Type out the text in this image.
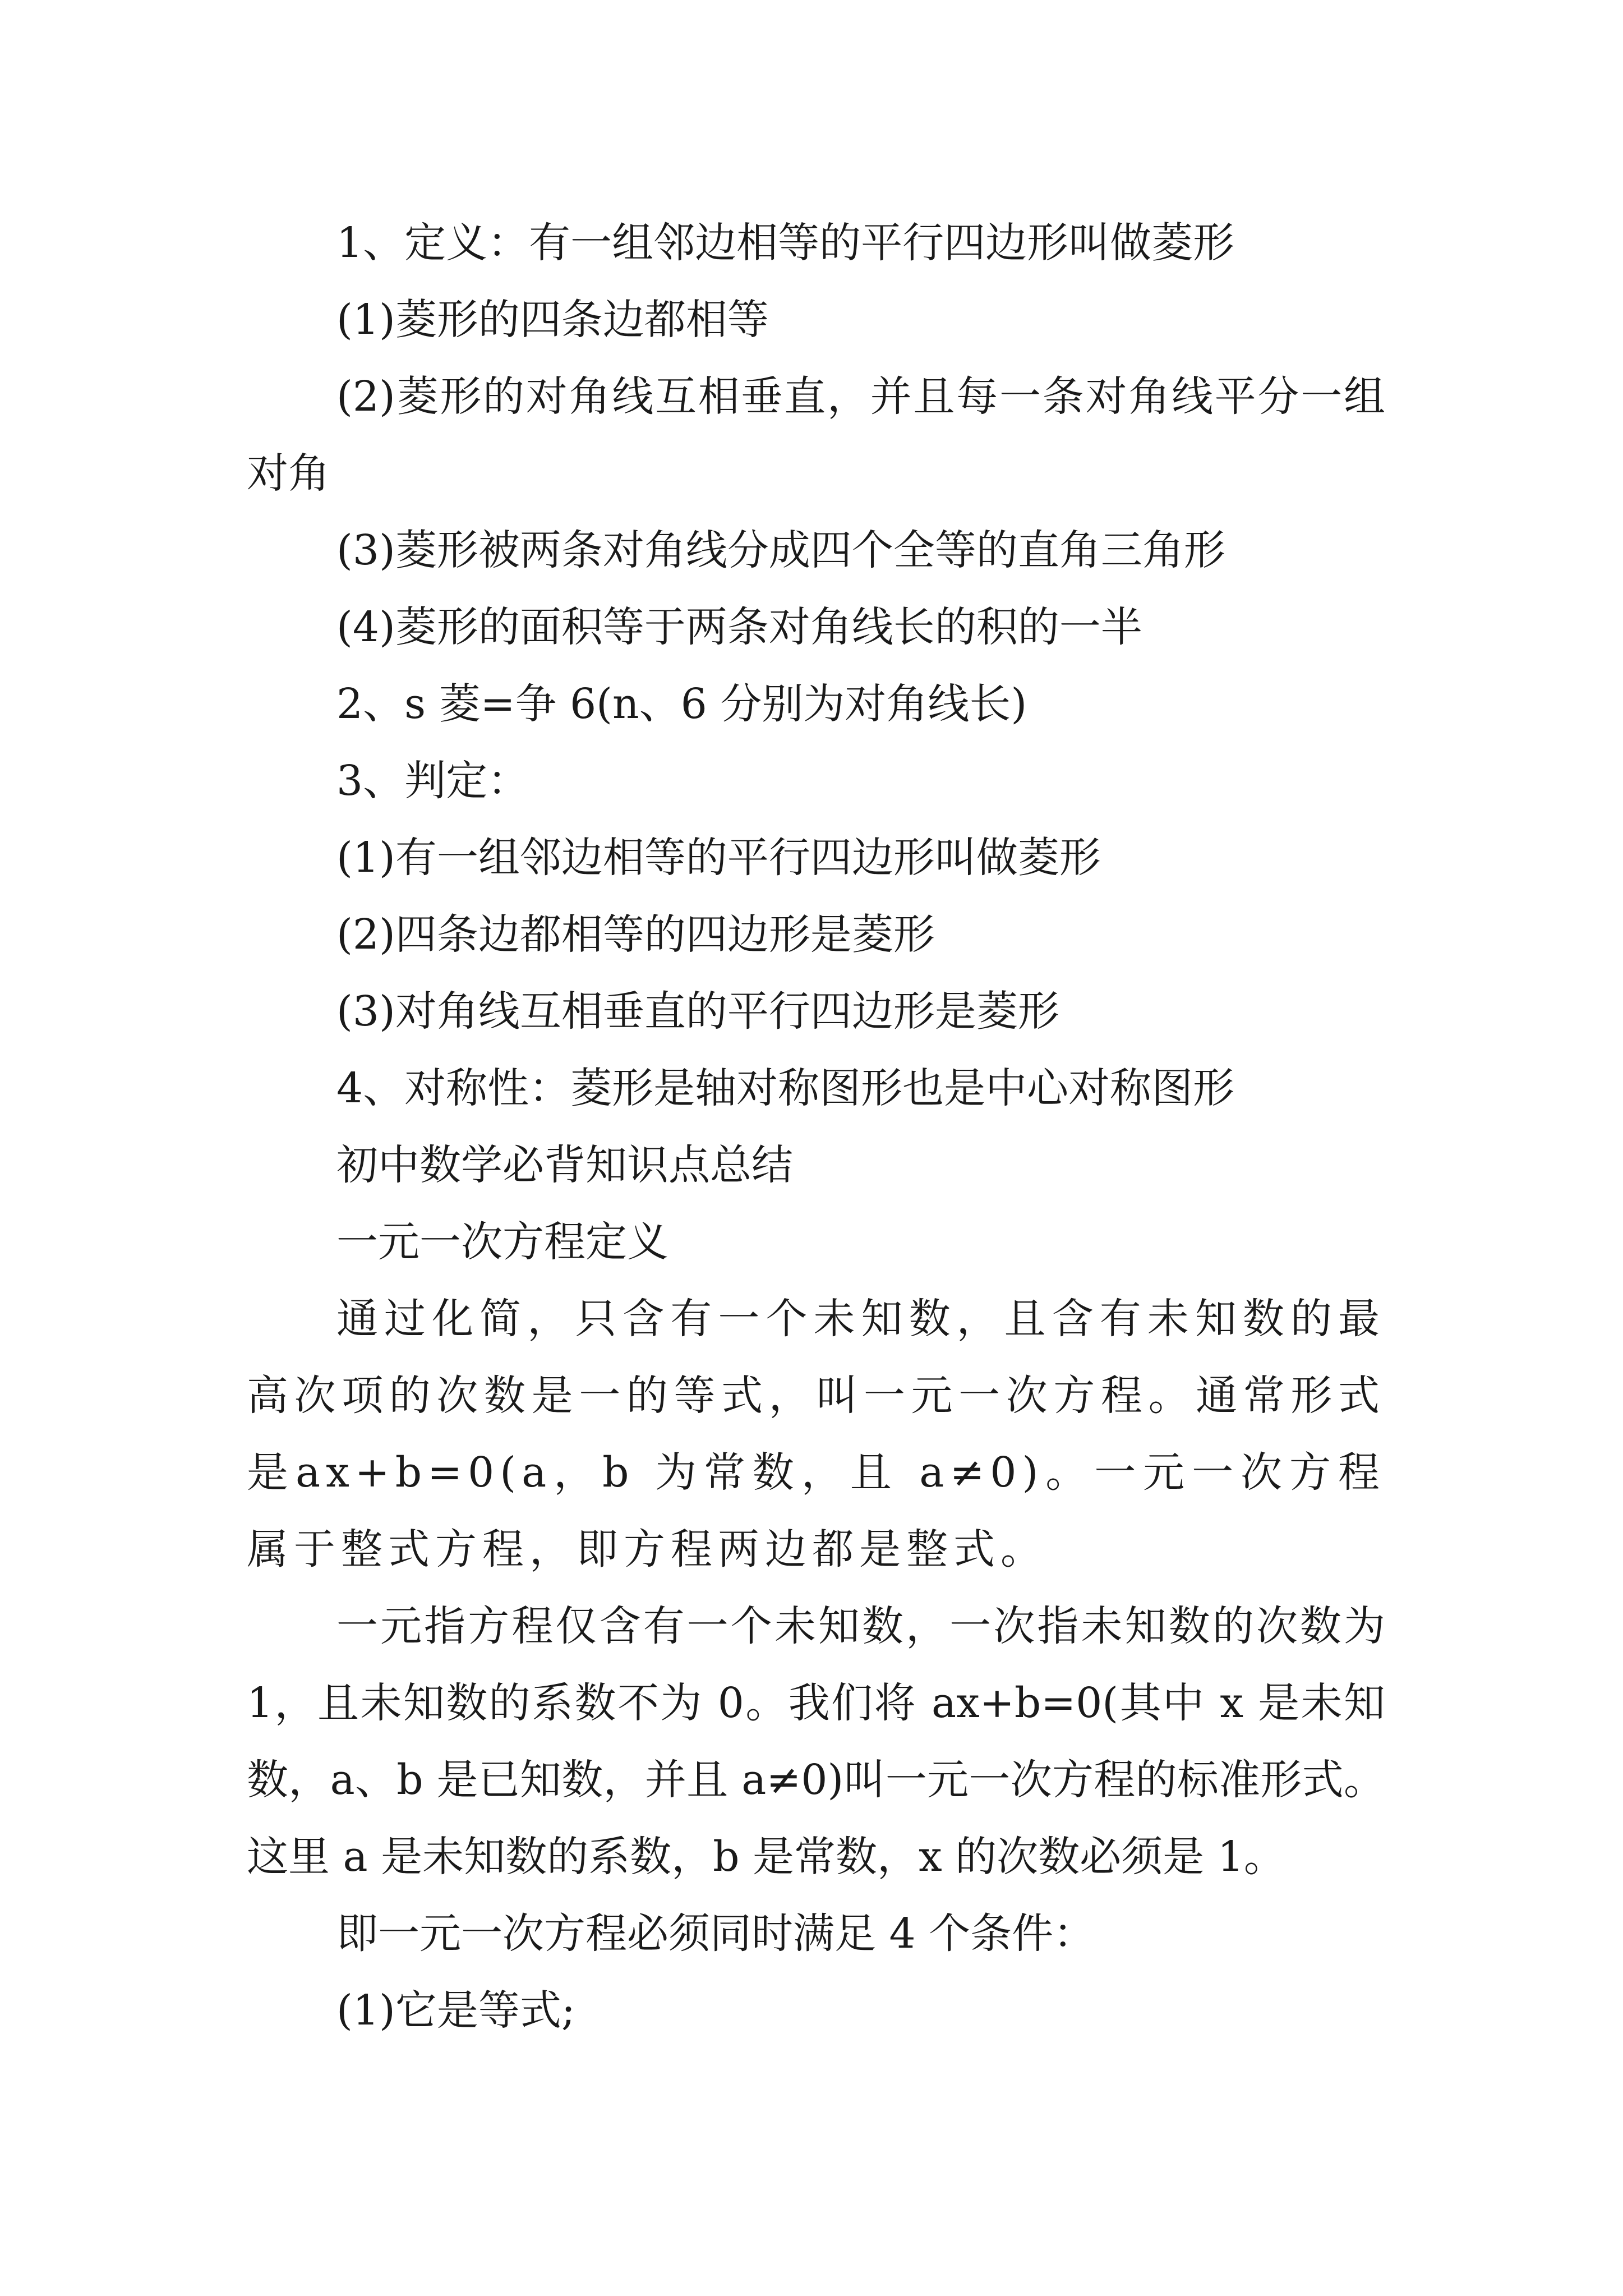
1、定义：有一组邻边相等的平行四边形叫做菱形

(1)菱形的四条边都相等

(2)菱形的对角线互相垂直，并且每一条对角线平分一组对角

(3)菱形被两条对角线分成四个全等的直角三角形

(4)菱形的面积等于两条对角线长的积的一半

2、s 菱=争 6(n、6 分别为对角线长)

3、判定：

(1)有一组邻边相等的平行四边形叫做菱形

(2)四条边都相等的四边形是菱形

(3)对角线互相垂直的平行四边形是菱形

4、对称性：菱形是轴对称图形也是中心对称图形

初中数学必背知识点总结

一元一次方程定义

通过化简，只含有一个未知数，且含有未知数的最高次项的次数是一的等式，叫一元一次方程。通常形式是ax+b=0(a，b 为常数，且 a≠0)。一元一次方程属于整式方程，即方程两边都是整式。

一元指方程仅含有一个未知数，一次指未知数的次数为1，且未知数的系数不为 0。我们将 ax+b=0(其中 x 是未知数，a、b 是已知数，并且 a≠0)叫一元一次方程的标准形式。这里 a 是未知数的系数，b 是常数，x 的次数必须是 1。

即一元一次方程必须同时满足 4 个条件：

(1)它是等式;
